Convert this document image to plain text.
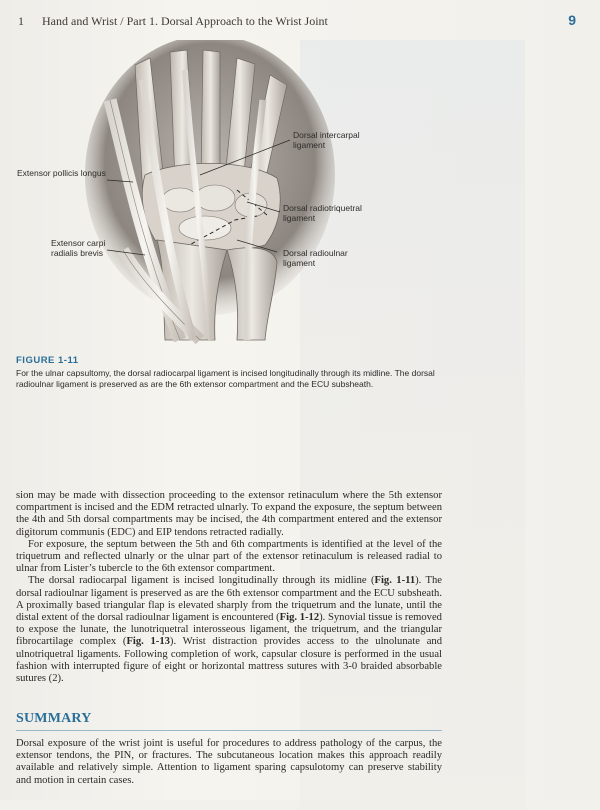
1 Hand and Wrist / Part 1. Dorsal Approach to the Wrist Joint	9
Extensor pollicis longus
Extensor carpi radialis brevis
Dorsal intercarpal ligament
Dorsal radiotriquetral ligament
Dorsal radioulnar ligament
FIGURE 1-11
For the ulnar capsultomy, the dorsal radiocarpal ligament is incised longitudinally through its midline. The dorsal radioulnar ligament is preserved as are the 6th extensor compartment and the ECU subsheath.

sion may be made with dissection proceeding to the extensor retinaculum where the 5th extensor compartment is incised and the EDM retracted ulnarly. To expand the exposure, the septum between the 4th and 5th dorsal compartments may be incised, the 4th compartment entered and the extensor digitorum communis (EDC) and EIP tendons retracted radially.

For exposure, the septum between the 5th and 6th compartments is identified at the level of the triquetrum and reflected ulnarly or the ulnar part of the extensor retinaculum is released radial to ulnar from Lister’s tubercle to the 6th extensor compartment.

The dorsal radiocarpal ligament is incised longitudinally through its midline (Fig. 1-11). The dorsal radioulnar ligament is preserved as are the 6th extensor compartment and the ECU subsheath. A proximally based triangular flap is elevated sharply from the triquetrum and the lunate, until the distal extent of the dorsal radioulnar ligament is encountered (Fig. 1-12). Synovial tissue is removed to expose the lunate, the lunotriquetral interosseous ligament, the triquetrum, and the triangular fibrocartilage complex (Fig. 1-13). Wrist distraction provides access to the ulnolunate and ulnotriquetral ligaments. Following completion of work, capsular closure is performed in the usual fashion with interrupted figure of eight or horizontal mattress sutures with 3-0 braided absorbable sutures (2).

SUMMARY
Dorsal exposure of the wrist joint is useful for procedures to address pathology of the carpus, the extensor tendons, the PIN, or fractures. The subcutaneous location makes this approach readily available and relatively simple. Attention to ligament sparing capsulotomy can preserve stability and motion in certain cases.
